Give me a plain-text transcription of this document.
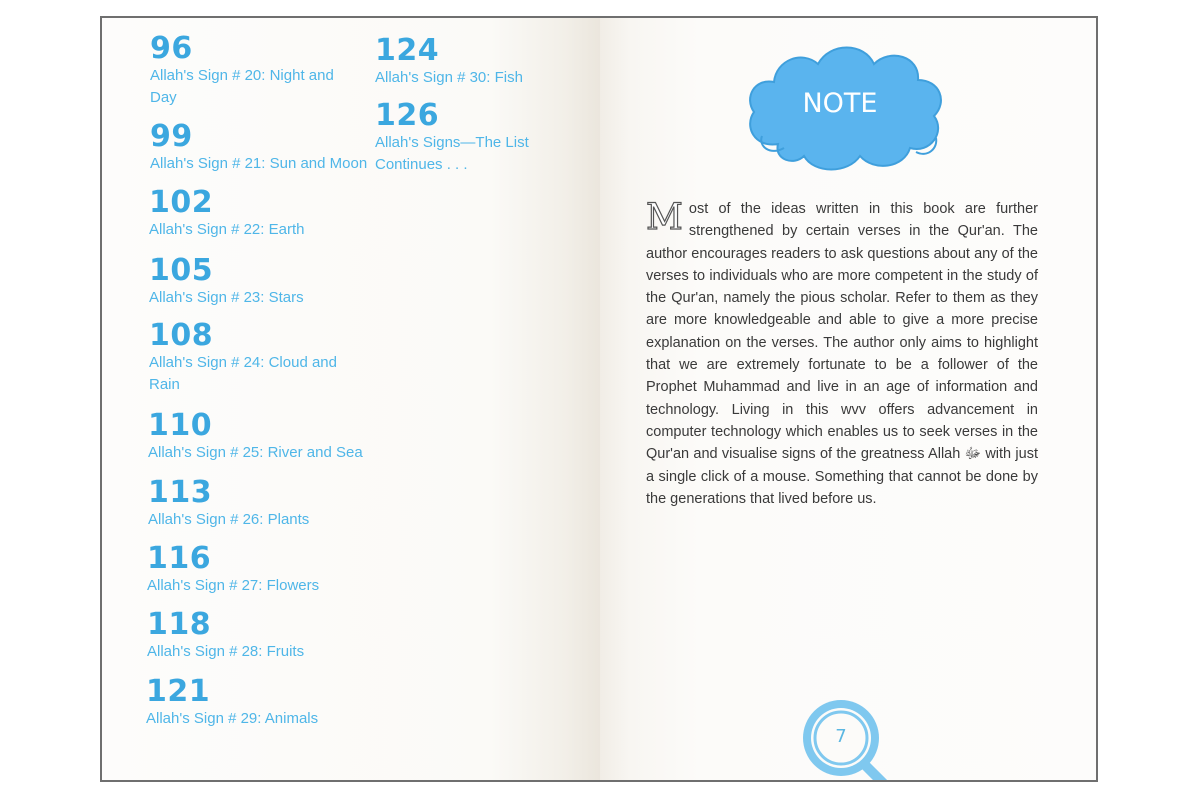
96
Allah's Sign # 20: Night and Day
99
Allah's Sign # 21: Sun and Moon
102
Allah's Sign # 22: Earth
105
Allah's Sign # 23: Stars
108
Allah's Sign # 24: Cloud and Rain
110
Allah's Sign # 25: River and Sea
113
Allah's Sign # 26: Plants
116
Allah's Sign # 27: Flowers
118
Allah's Sign # 28: Fruits
121
Allah's Sign # 29: Animals
124
Allah's Sign # 30: Fish
126
Allah's Signs—The List Continues . . .
NOTE
Most of the ideas written in this book are further strengthened by certain verses in the Qur'an. The author encourages readers to ask questions about any of the verses to individuals who are more competent in the study of the Qur'an, namely the pious scholar. Refer to them as they are more knowledgeable and able to give a more precise explanation on the verses. The author only aims to highlight that we are extremely fortunate to be a follower of the Prophet Muhammad and live in an age of information and technology. Living in this wvv offers advancement in computer technology which enables us to seek verses in the Qur'an and visualise signs of the greatness Allah ﷻ with just a single click of a mouse. Something that cannot be done by the generations that lived before us.
7
